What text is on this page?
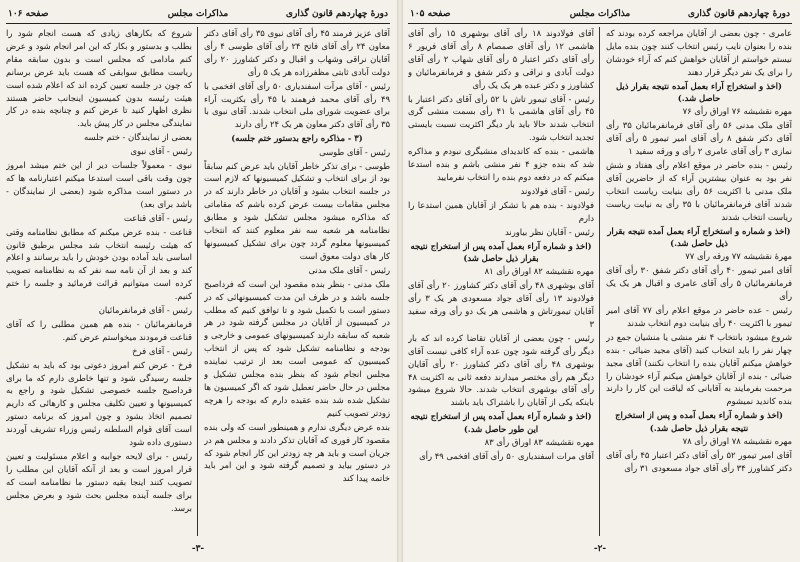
دورهٔ چهاردهم قانون گذاری
مذاکرات مجلس
صفحه ۱۰۶
آقای عزیز فرمند ۴۵ رأی آقای نبوی ۳۵ رأی آقای دکتر معاون ۲۴ رأی آقای فاتح ۲۴ رأی آقای طوسی ۴ رأی آقایان نراقی وشهاب و اقبال و دکتر کشاورز ۲۰ رأی دولت آبادی ثابتی مظفرزاده هر یک ۵ رأی
رئیس - آقای مرآت اسفندیاری ۵۰ رأی آقای افخمی با ۴۹ رأی آقای محمد فرهمند با ۴۵ رأی بکثریت آراء برای عضویت شورای ملی انتخاب شدند. آقای نبوی با ۳۵ رأی آقای دکتر معاون هر یک ۲۴ رأی دارند
(۳ - مذاکره راجع بدستور ختم جلسه)
رئیس - آقای طوسی
طوسی - برای تذکر خاطر آقایان باید عرض کنم سابقاً بود از برای انتخاب و تشکیل کمیسیونها که لازم است در جلسه انتخاب بشود و آقایان در خاطر دارند که در مجلس مقامات بیست عرض کرده باشم که مقاماتی که مذاکره میشود مجلس تشکیل شود و مطابق نظامنامه هر شعبه سه نفر معلوم کنند که انتخاب کمیسیونها معلوم گردد چون برای تشکیل کمیسیونها کار های دولت معوق است
رئیس - آقای ملک مدنی
ملک مدنی - بنظر بنده مقصود این است که فرداصبح جلسه باشد و در ظرف این مدت کمیسیونهائی که در دستور است با تکمیل شود و تا توافق کنیم که مطلب در کمیسیون از آقایان در مجلس گرفته شود در هر شعبه که سابقه دارند کمیسیونهای عمومی و خارجی و بودجه و نظامنامه تشکیل شود که پس از انتخاب کمیسیون که عمومی است بعد از ترتیب نماینده مجلس انجام شود که بنظر بنده مجلس تشکیل و مجلس در حال حاضر تعطیل شود که اگر کمیسیون ها تشکیل شده شد بنده عقیده دارم که بودجه را هرچه زودتر تصویب کنیم
بنده عرض دیگری ندارم و همینطور است که ولی بنده مقصود کار فوری که آقایان تذکر دادند و مجلس هم در جریان است و باید هر چه زودتر این کار انجام شود که در دستور بیاید و تصمیم گرفته شود و این امر باید خاتمه پیدا کند
شروع که بکارهای زیادی که هست انجام شود را بطلب و بدستور و بکار که این امر انجام شود و عرض کنم مادامی که مجلس است و بدون سابقه مقام ریاست مطابق سوابقی که هست باید عرض برسانم که چون در جلسه تعیین کرده اند که اعلام شده است هیئت رئیسه بدون کمیسیون اینجانب حاضر هستند نظری اظهار کنید تا عرض کنم و چنانچه بنده در کار نمایندگی مجلس در کار پیش باید.
بعضی از نمایندگان - ختم جلسه
رئیس - آقای نبوی
نبوی - معمولاً جلسات دیر از این ختم میشد امروز چون وقت باقی است استدعا میکنم اعتبارنامه ها که در دستور است مذاکره شود (بعضی از نمایندگان - باشد برای بعد)
رئیس - آقای قناعت
قناعت - بنده عرض میکنم که مطابق نظامنامه وقتی که هیئت رئیسه انتخاب شد مجلس برطبق قانون اساسی باید آماده بودن خودش را باید برسانند و اعلام کند و بعد از آن نامه سه نفر که به نظامنامه تصویب کرده است میتوانیم قرائت فرمائید و جلسه را ختم کنیم.
رئیس - آقای فرمانفرمائیان
فرمانفرمائیان - بنده هم همین مطلبی را که آقای قناعت فرمودند میخواستم عرض کنم.
رئیس - آقای فرخ
فرخ - عرض کنم امروز دعوتی بود که باید به تشکیل جلسه رسیدگی شود و تنها خاطری دارم که ما برای فرداصبح جلسه خصوصی تشکیل شود و راجع به کمیسیونها و تعیین تکلیف مجلس و کارهائی که داریم تصمیم اتخاذ بشود و چون امروز که برنامه دستور است آقای قوام السلطنه رئیس وزراء تشریف آوردند دستوری داده شود
رئیس - برای لایحه جوابیه و اعلام مسئولیت و تعیین قرار امروز است و بعد از آنکه آقایان این مطلب را تصویب کنند اینجا بقیه دستور ما نظامنامه است که برای جلسه آینده مجلس بحث شود و بعرض مجلس برسد.
-۳-
دورهٔ چهاردهم قانون گذاری
مذاکرات مجلس
صفحه ۱۰۵
عامری - چون بعضی از آقایان مراجعه کرده بودند که بنده را بعنوان نایب رئیس انتخاب کنند چون بنده مایل نیستم خواستم از آقایان خواهش کنم که آراء خودشان را برای یک نفر دیگر قرار دهند
(اخذ و استخراج آراء بعمل آمده نتیجه بقرار ذیل حاصل شد.)
مهره نقشیشه ۷۶ اوراق رأی ۷۶
آقای ملک مدنی ۵۶ رأی آقای فرمانفرمائیان ۳۵ رأی آقای دکتر شفق ۸ رأی آقای امیر تیمور ۵ رأی آقای نمازی ۳ رأی آقای عامری ۲ رأی و ورقه سفید ۱
رئیس - بنده حاضر در موقع اعلام رأی هفتاد و شش نفر بود به عنوان بیشترین آراء که از حاضرین آقای ملک مدنی با اکثریت ۵۶ رأی بنیابت ریاست انتخاب شدند آقای فرمانفرمائیان با ۳۵ رأی به نیابت ریاست ریاست انتخاب شدند
(اخذ و شماره و استخراج آراء بعمل آمده نتیجه بقرار ذیل حاصل شد.)
مهرهٔ نقشیشه ۷۷ ورقه رأی ۷۷
آقای امیر تیمور ۴۰ رأی آقای دکتر شفق ۳۰ رأی آقای فرمانفرمائیان ۵ رأی آقای عامری و اقبال هر یک یک رأی
رئیس - عده حاضر در موقع اعلام رأی ۷۷ آقای امیر تیمور با اکثریت ۴۰ رأی بنیابت دوم انتخاب شدند
شروع میشود بانتخاب ۴ نفر منشی یا منشیان جمع در چهار نفر را باید انتخاب کنید (آقای مجید ضیائی - بنده خواهش میکنم آقایان بنده را انتخاب نکنند) آقای مجید ضیائی - بنده از آقایان خواهش میکنم آراء خودشان را مرحمت بفرمایند به آقایانی که لیاقت این کار را دارند بنده کاندید نمیشوم
(اخذ و شماره آراء بعمل آمده و پس از استخراج نتیجه بقرار ذیل حاصل شد.)
مهره نقشیشه ۷۸ اوراق رأی ۷۸
آقای امیر تیمور ۵۲ رأی آقای دکتر اعتبار ۴۵ رأی آقای دکتر کشاورز ۳۴ رأی آقای جواد مسعودی ۳۱ رأی
آقای فولادوند ۱۸ رأی آقای بوشهری ۱۵ رأی آقای هاشمی ۱۲ رأی آقای صمصام ۸ رأی آقای فریور ۶ رأی آقای دکتر اعتبار ۵ رأی آقای شهاب ۲ رأی آقای دولت آبادی و نراقی و دکتر شفق و فرمانفرمائیان و کشاورز و دکتر عبده هر یک یک رأی
رئیس - آقای تیمور تاش با ۵۲ رأی آقای دکتر اعتبار با ۴۵ رأی آقای هاشمی با ۴۱ رأی بسمت منشی گری انتخاب شدند حالا باید بار دیگر اکثریت نسبت بایستی تجدید انتخاب شود.
هاشمی - بنده که کاندیدای منشیگری نبودم و مذاکره شد که بنده جزو ۴ نفر منشی باشم و بنده استدعا میکنم که در دفعه دوم بنده را انتخاب نفرمایید
رئیس - آقای فولادوند
فولادوند - بنده هم با تشکر از آقایان همین استدعا را دارم
رئیس - آقایان نظر بیاورند
(اخذ و شماره آراء بعمل آمده پس از استخراج نتیجه بقرار ذیل حاصل شد)
مهره نقشیشه ۸۲ اوراق رأی ۸۱
آقای بوشهری ۴۸ رأی آقای دکتر کشاورز ۲۰ رأی آقای فولادوند ۱۳ رأی آقای جواد مسعودی هر یک ۳ رأی آقایان تیمورتاش و هاشمی هر یک دو رأی ورقه سفید ۳
رئیس - چون بعضی از آقایان تقاضا کرده اند که بار دیگر رأی گرفته شود چون عده آراء کافی نیست آقای بوشهری ۴۸ رأی آقای دکتر کشاورز ۲۰ رأی آقایان دیگر هم رأی مختصر میدارند دفعه ثانی به اکثریت ۴۸ رأی آقای بوشهری انتخاب شدند. حالا شروع میشود باینکه یکی از آقایان را باشتراک باید باشند
(اخذ و شماره آراء بعمل آمده پس از استخراج نتیجه این طور حاصل شد.)
مهره نقشیشه ۸۳ اوراق رأی ۸۳
آقای مرات اسفندیاری ۵۰ رأی آقای افخمی ۴۹ رأی
-۲-
